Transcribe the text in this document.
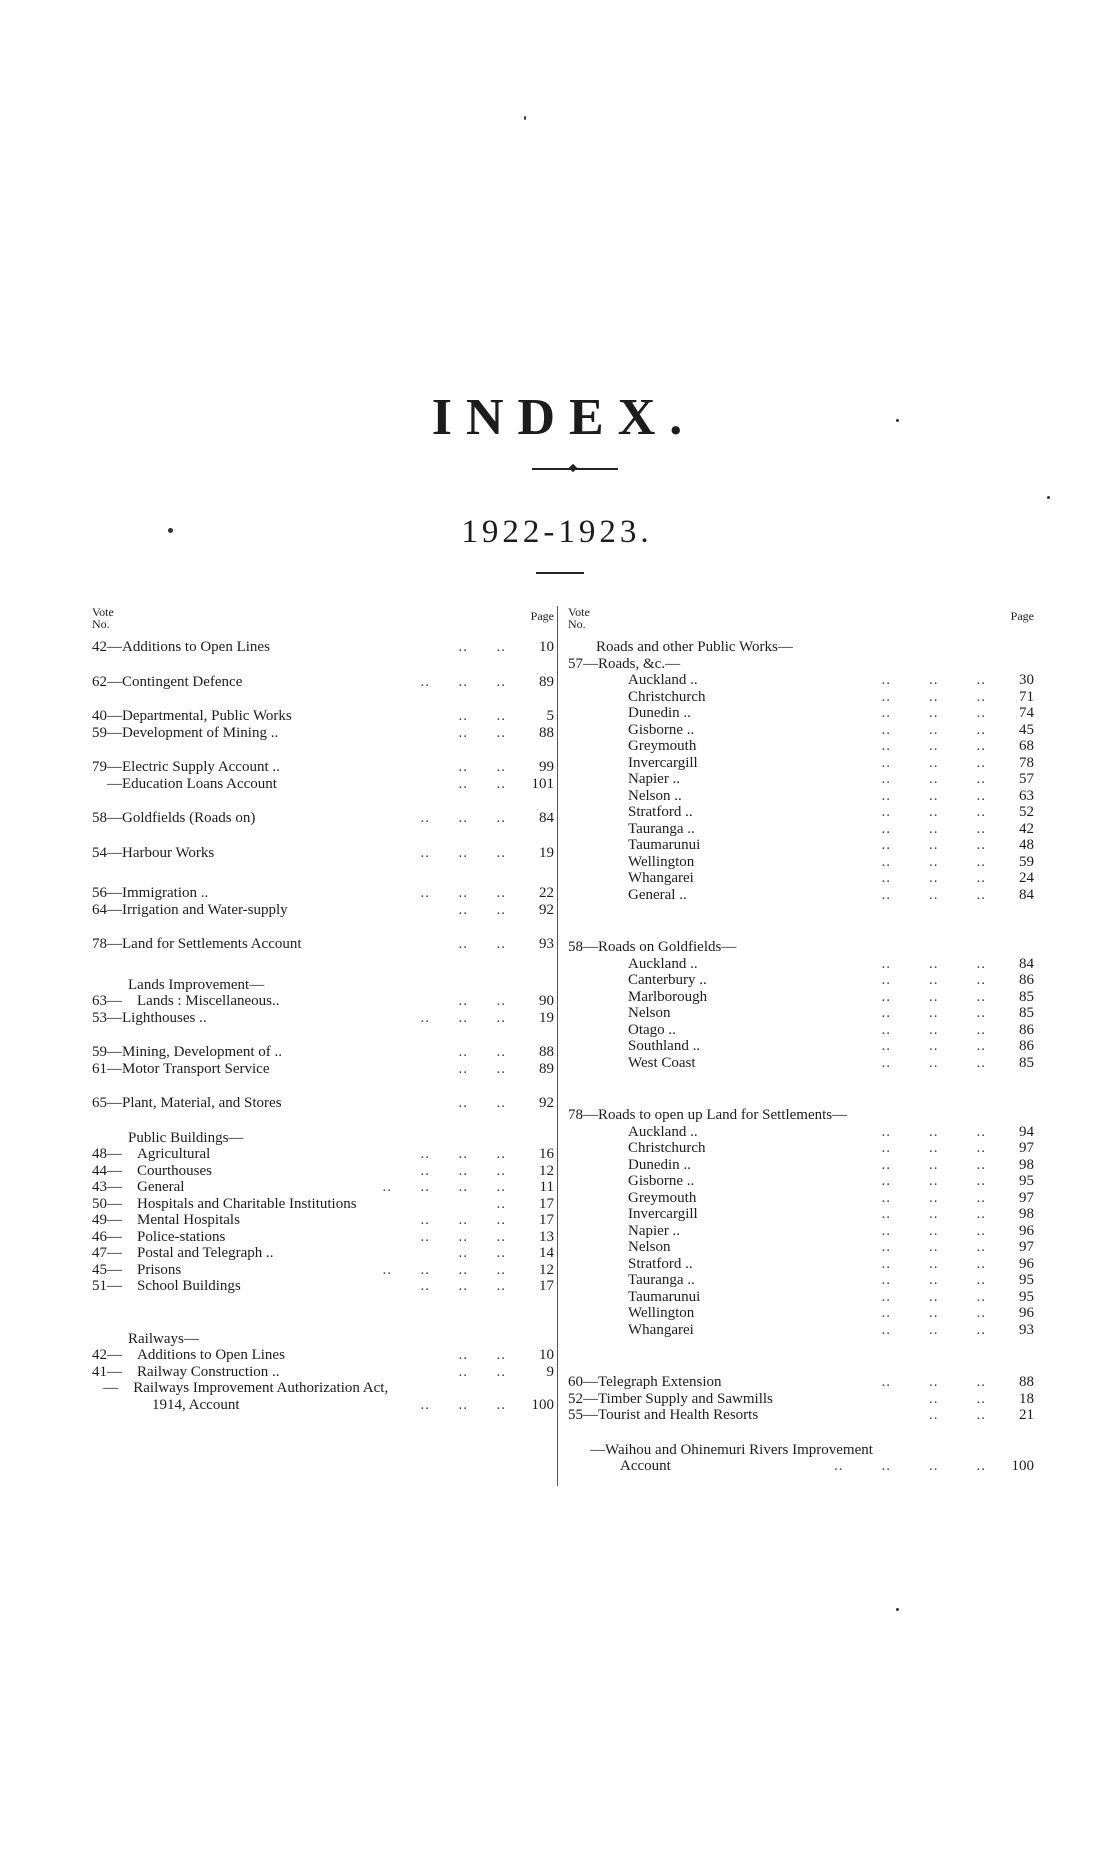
INDEX.
1922-1923.
Vote
No.
Page
42—Additions to Open Lines	..      ..	10
62—Contingent Defence	..      ..      ..	89
40—Departmental, Public Works	..      ..	5
59—Development of Mining ..	..      ..	88
79—Electric Supply Account ..	..      ..	99
—Education Loans Account	..      ..	101
58—Goldfields (Roads on)	..      ..      ..	84
54—Harbour Works	..      ..      ..	19
56—Immigration ..	..      ..      ..	22
64—Irrigation and Water-supply	..      ..	92
78—Land for Settlements Account	..      ..	93
Lands Improvement—
63—    Lands : Miscellaneous..	..      ..	90
53—Lighthouses ..	..      ..      ..	19
59—Mining, Development of ..	..      ..	88
61—Motor Transport Service	..      ..	89
65—Plant, Material, and Stores	..      ..	92
Public Buildings—
48—    Agricultural	..      ..      ..	16
44—    Courthouses	..      ..      ..	12
43—    General	..      ..      ..      ..	11
50—    Hospitals and Charitable Institutions	..	17
49—    Mental Hospitals	..      ..      ..	17
46—    Police-stations	..      ..      ..	13
47—    Postal and Telegraph ..	..      ..	14
45—    Prisons	..      ..      ..      ..	12
51—    School Buildings	..      ..      ..	17
Railways—
42—    Additions to Open Lines	..      ..	10
41—    Railway Construction ..	..      ..	9
—    Railways Improvement Authorization Act,
1914, Account	..      ..      ..	100
Vote
No.
Page
Roads and other Public Works—
57—Roads, &c.—
Auckland ..	..        ..        ..	30
Christchurch	..        ..        ..	71
Dunedin ..	..        ..        ..	74
Gisborne ..	..        ..        ..	45
Greymouth	..        ..        ..	68
Invercargill	..        ..        ..	78
Napier ..	..        ..        ..	57
Nelson ..	..        ..        ..	63
Stratford ..	..        ..        ..	52
Tauranga ..	..        ..        ..	42
Taumarunui	..        ..        ..	48
Wellington	..        ..        ..	59
Whangarei	..        ..        ..	24
General ..	..        ..        ..	84
58—Roads on Goldfields—
Auckland ..	..        ..        ..	84
Canterbury ..	..        ..        ..	86
Marlborough	..        ..        ..	85
Nelson	..        ..        ..	85
Otago ..	..        ..        ..	86
Southland ..	..        ..        ..	86
West Coast	..        ..        ..	85
78—Roads to open up Land for Settlements—
Auckland ..	..        ..        ..	94
Christchurch	..        ..        ..	97
Dunedin ..	..        ..        ..	98
Gisborne ..	..        ..        ..	95
Greymouth	..        ..        ..	97
Invercargill	..        ..        ..	98
Napier ..	..        ..        ..	96
Nelson	..        ..        ..	97
Stratford ..	..        ..        ..	96
Tauranga ..	..        ..        ..	95
Taumarunui	..        ..        ..	95
Wellington	..        ..        ..	96
Whangarei	..        ..        ..	93
60—Telegraph Extension	..        ..        ..	88
52—Timber Supply and Sawmills	..        ..	18
55—Tourist and Health Resorts	..        ..	21
—Waihou and Ohinemuri Rivers Improvement
Account	..        ..        ..        ..	100
